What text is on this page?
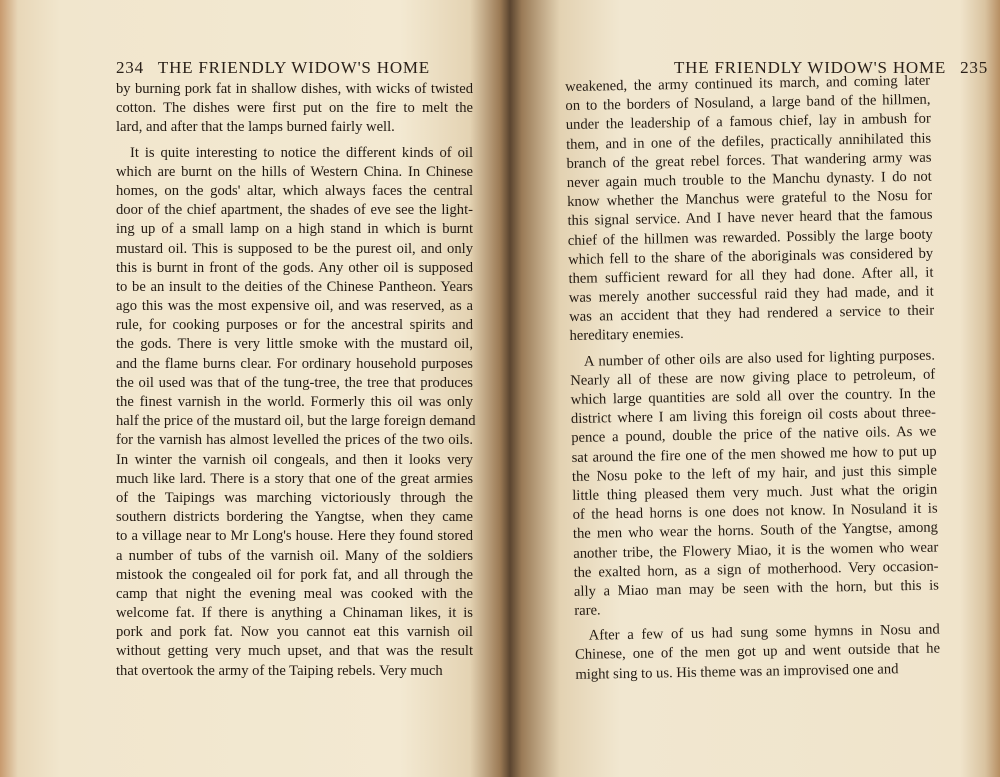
234 THE FRIENDLY WIDOW'S HOME
by burning pork fat in shallow dishes, with wicks of twisted
cotton. The dishes were first put on the fire to melt the
lard, and after that the lamps burned fairly well.
It is quite interesting to notice the different kinds of oil
which are burnt on the hills of Western China. In Chinese
homes, on the gods' altar, which always faces the central
door of the chief apartment, the shades of eve see the light-
ing up of a small lamp on a high stand in which is burnt
mustard oil. This is supposed to be the purest oil, and only
this is burnt in front of the gods. Any other oil is supposed
to be an insult to the deities of the Chinese Pantheon. Years
ago this was the most expensive oil, and was reserved, as a
rule, for cooking purposes or for the ancestral spirits and
the gods. There is very little smoke with the mustard oil,
and the flame burns clear. For ordinary household purposes
the oil used was that of the tung-tree, the tree that produces
the finest varnish in the world. Formerly this oil was only
half the price of the mustard oil, but the large foreign demand
for the varnish has almost levelled the prices of the two oils.
In winter the varnish oil congeals, and then it looks very
much like lard. There is a story that one of the great armies
of the Taipings was marching victoriously through the
southern districts bordering the Yangtse, when they came
to a village near to Mr Long's house. Here they found stored
a number of tubs of the varnish oil. Many of the soldiers
mistook the congealed oil for pork fat, and all through the
camp that night the evening meal was cooked with the
welcome fat. If there is anything a Chinaman likes, it is
pork and pork fat. Now you cannot eat this varnish oil
without getting very much upset, and that was the result
that overtook the army of the Taiping rebels. Very much
THE FRIENDLY WIDOW'S HOME 235
weakened, the army continued its march, and coming later
on to the borders of Nosuland, a large band of the hillmen,
under the leadership of a famous chief, lay in ambush for
them, and in one of the defiles, practically annihilated this
branch of the great rebel forces. That wandering army was
never again much trouble to the Manchu dynasty. I do not
know whether the Manchus were grateful to the Nosu for
this signal service. And I have never heard that the famous
chief of the hillmen was rewarded. Possibly the large booty
which fell to the share of the aboriginals was considered by
them sufficient reward for all they had done. After all, it
was merely another successful raid they had made, and it
was an accident that they had rendered a service to their
hereditary enemies.
A number of other oils are also used for lighting purposes.
Nearly all of these are now giving place to petroleum, of
which large quantities are sold all over the country. In the
district where I am living this foreign oil costs about three-
pence a pound, double the price of the native oils. As we
sat around the fire one of the men showed me how to put up
the Nosu poke to the left of my hair, and just this simple
little thing pleased them very much. Just what the origin
of the head horns is one does not know. In Nosuland it is
the men who wear the horns. South of the Yangtse, among
another tribe, the Flowery Miao, it is the women who wear
the exalted horn, as a sign of motherhood. Very occasion-
ally a Miao man may be seen with the horn, but this is
rare.
After a few of us had sung some hymns in Nosu and
Chinese, one of the men got up and went outside that he
might sing to us. His theme was an improvised one and
